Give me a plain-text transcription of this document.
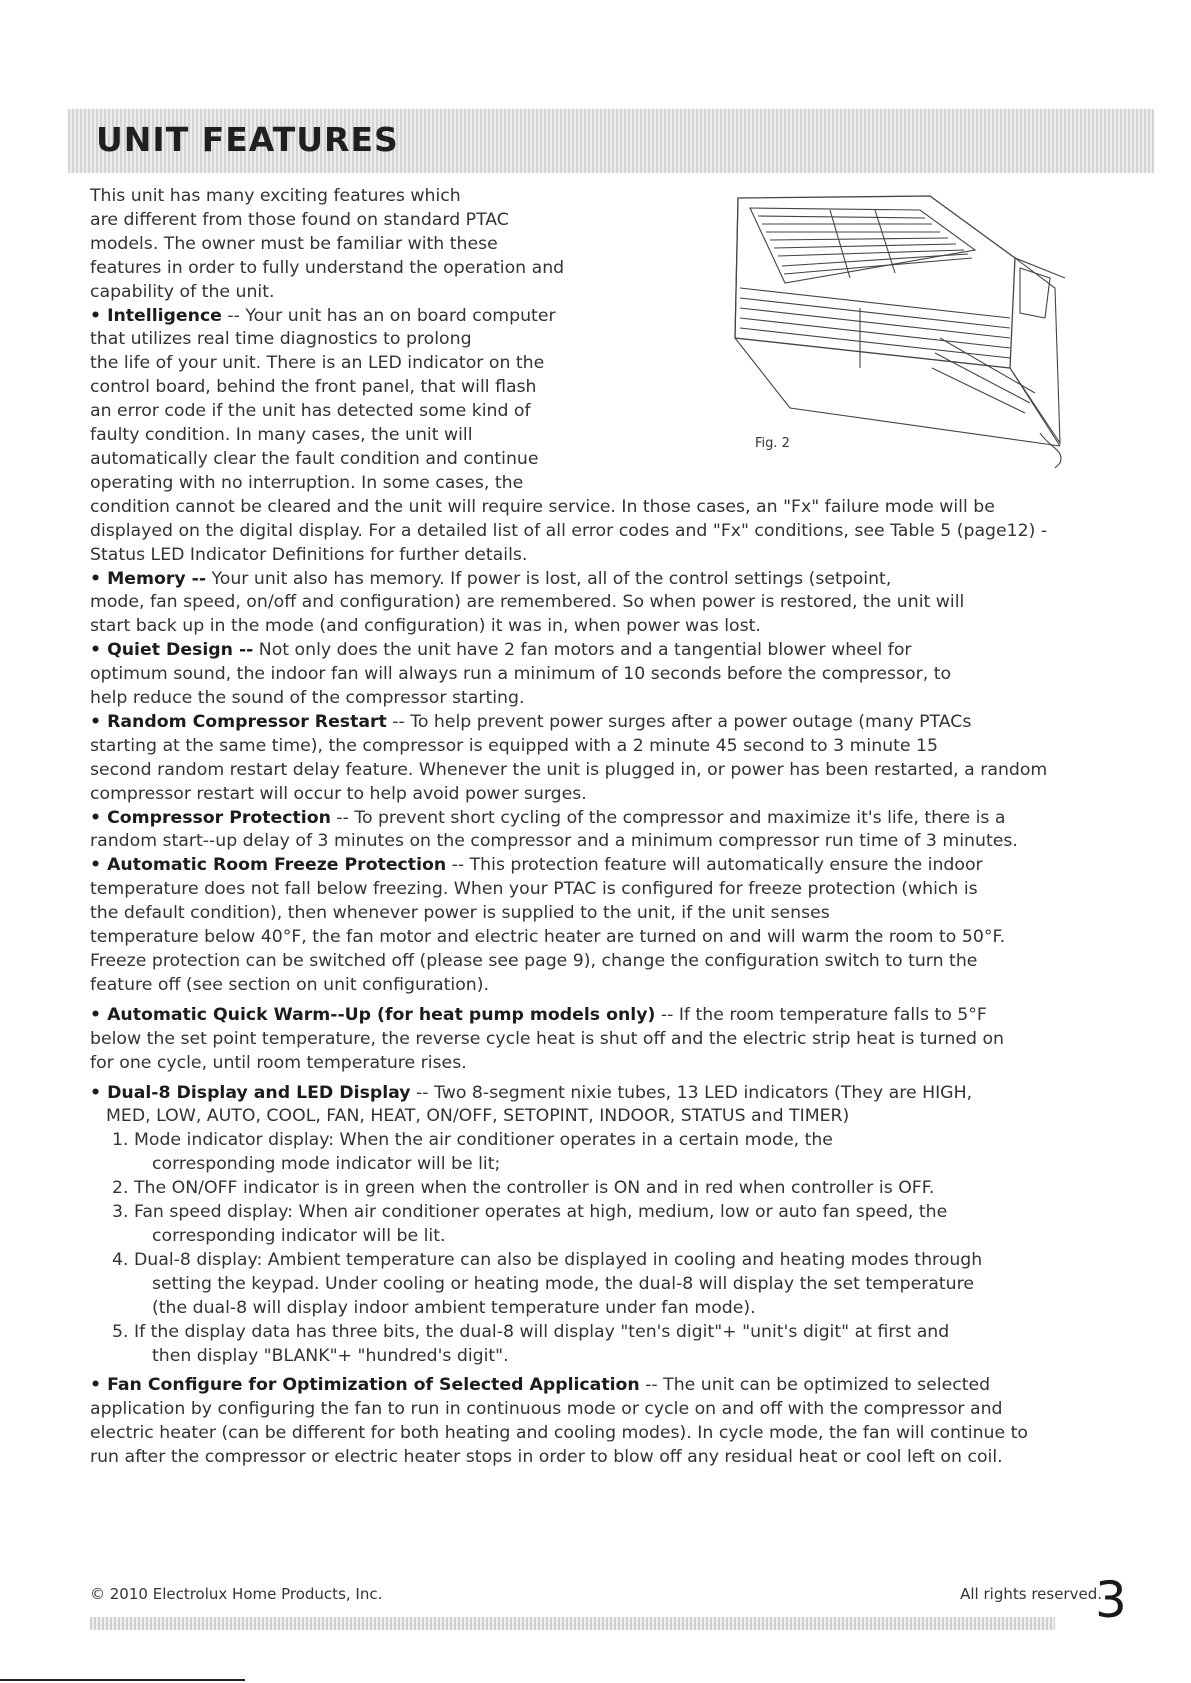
UNIT FEATURES
Fig. 2
This unit has many exciting features which
are different from those found on standard PTAC
models. The owner must be familiar with these
features in order to fully understand the operation and
capability of the unit.
• Intelligence -- Your unit has an on board computer
that utilizes real time diagnostics to prolong
the life of your unit. There is an LED indicator on the
control board, behind the front panel, that will flash
an error code if the unit has detected some kind of
faulty condition. In many cases, the unit will
automatically clear the fault condition and continue
operating with no interruption. In some cases, the
condition cannot be cleared and the unit will require service. In those cases, an "Fx" failure mode will be
displayed on the digital display. For a detailed list of all error codes and "Fx" conditions, see Table 5 (page12) -
Status LED Indicator Definitions for further details.
• Memory -- Your unit also has memory. If power is lost, all of the control settings (setpoint,
mode, fan speed, on/off and configuration) are remembered. So when power is restored, the unit will
start back up in the mode (and configuration) it was in, when power was lost.
• Quiet Design -- Not only does the unit have 2 fan motors and a tangential blower wheel for
optimum sound, the indoor fan will always run a minimum of 10 seconds before the compressor, to
help reduce the sound of the compressor starting.
• Random Compressor Restart -- To help prevent power surges after a power outage (many PTACs
starting at the same time), the compressor is equipped with a 2 minute 45 second to 3 minute 15
second random restart delay feature. Whenever the unit is plugged in, or power has been restarted, a random
compressor restart will occur to help avoid power surges.
• Compressor Protection -- To prevent short cycling of the compressor and maximize it's life, there is a
random start--up delay of 3 minutes on the compressor and a minimum compressor run time of 3 minutes.
• Automatic Room Freeze Protection -- This protection feature will automatically ensure the indoor
temperature does not fall below freezing. When your PTAC is configured for freeze protection (which is
the default condition), then whenever power is supplied to the unit, if the unit senses
temperature below 40°F, the fan motor and electric heater are turned on and will warm the room to 50°F.
Freeze protection can be switched off (please see page 9), change the configuration switch to turn the
feature off (see section on unit configuration).
• Automatic Quick Warm--Up (for heat pump models only) -- If the room temperature falls to 5°F
below the set point temperature, the reverse cycle heat is shut off and the electric strip heat is turned on
for one cycle, until room temperature rises.
• Dual-8 Display and LED Display -- Two 8-segment nixie tubes, 13 LED indicators (They are HIGH,
MED, LOW, AUTO, COOL, FAN, HEAT, ON/OFF, SETOPINT, INDOOR, STATUS and TIMER)
1. Mode indicator display: When the air conditioner operates in a certain mode, the
corresponding mode indicator will be lit;
2. The ON/OFF indicator is in green when the controller is ON and in red when controller is OFF.
3. Fan speed display: When air conditioner operates at high, medium, low or auto fan speed, the
corresponding indicator will be lit.
4. Dual-8 display: Ambient temperature can also be displayed in cooling and heating modes through
setting the keypad. Under cooling or heating mode, the dual-8 will display the set temperature
(the dual-8 will display indoor ambient temperature under fan mode).
5. If the display data has three bits, the dual-8 will display "ten's digit"+ "unit's digit" at first and
then display "BLANK"+ "hundred's digit".
• Fan Configure for Optimization of Selected Application -- The unit can be optimized to selected
application by configuring the fan to run in continuous mode or cycle on and off with the compressor and
electric heater (can be different for both heating and cooling modes). In cycle mode, the fan will continue to
run after the compressor or electric heater stops in order to blow off any residual heat or cool left on coil.
© 2010 Electrolux Home Products, Inc.	All rights reserved.
3
